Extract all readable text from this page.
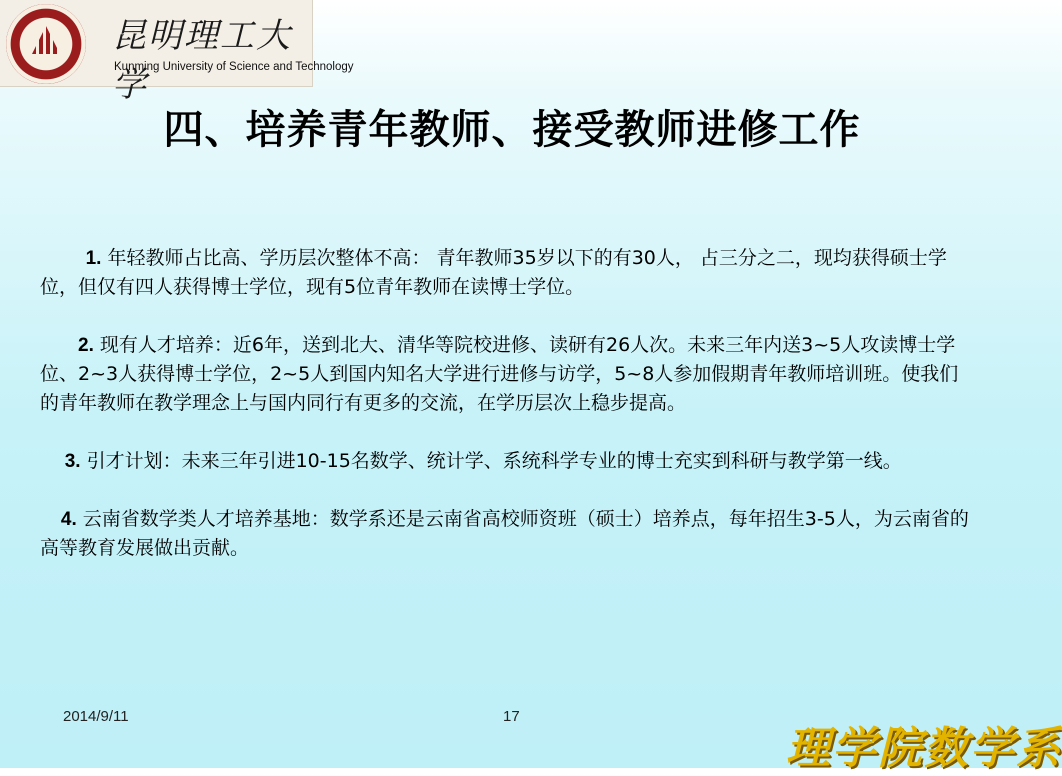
昆明理工大学
Kunming University of Science and Technology
四、培养青年教师、接受教师进修工作

1. 年轻教师占比高、学历层次整体不高： 青年教师35岁以下的有30人， 占三分之二，现均获得硕士学位，但仅有四人获得博士学位，现有5位青年教师在读博士学位。

2. 现有人才培养：近6年，送到北大、清华等院校进修、读研有26人次。未来三年内送3~5人攻读博士学位、2~3人获得博士学位，2~5人到国内知名大学进行进修与访学，5~8人参加假期青年教师培训班。使我们的青年教师在教学理念上与国内同行有更多的交流，在学历层次上稳步提高。

3. 引才计划：未来三年引进10-15名数学、统计学、系统科学专业的博士充实到科研与教学第一线。

4. 云南省数学类人才培养基地：数学系还是云南省高校师资班（硕士）培养点，每年招生3-5人，为云南省的高等教育发展做出贡献。

2014/9/11	17
理学院数学系
